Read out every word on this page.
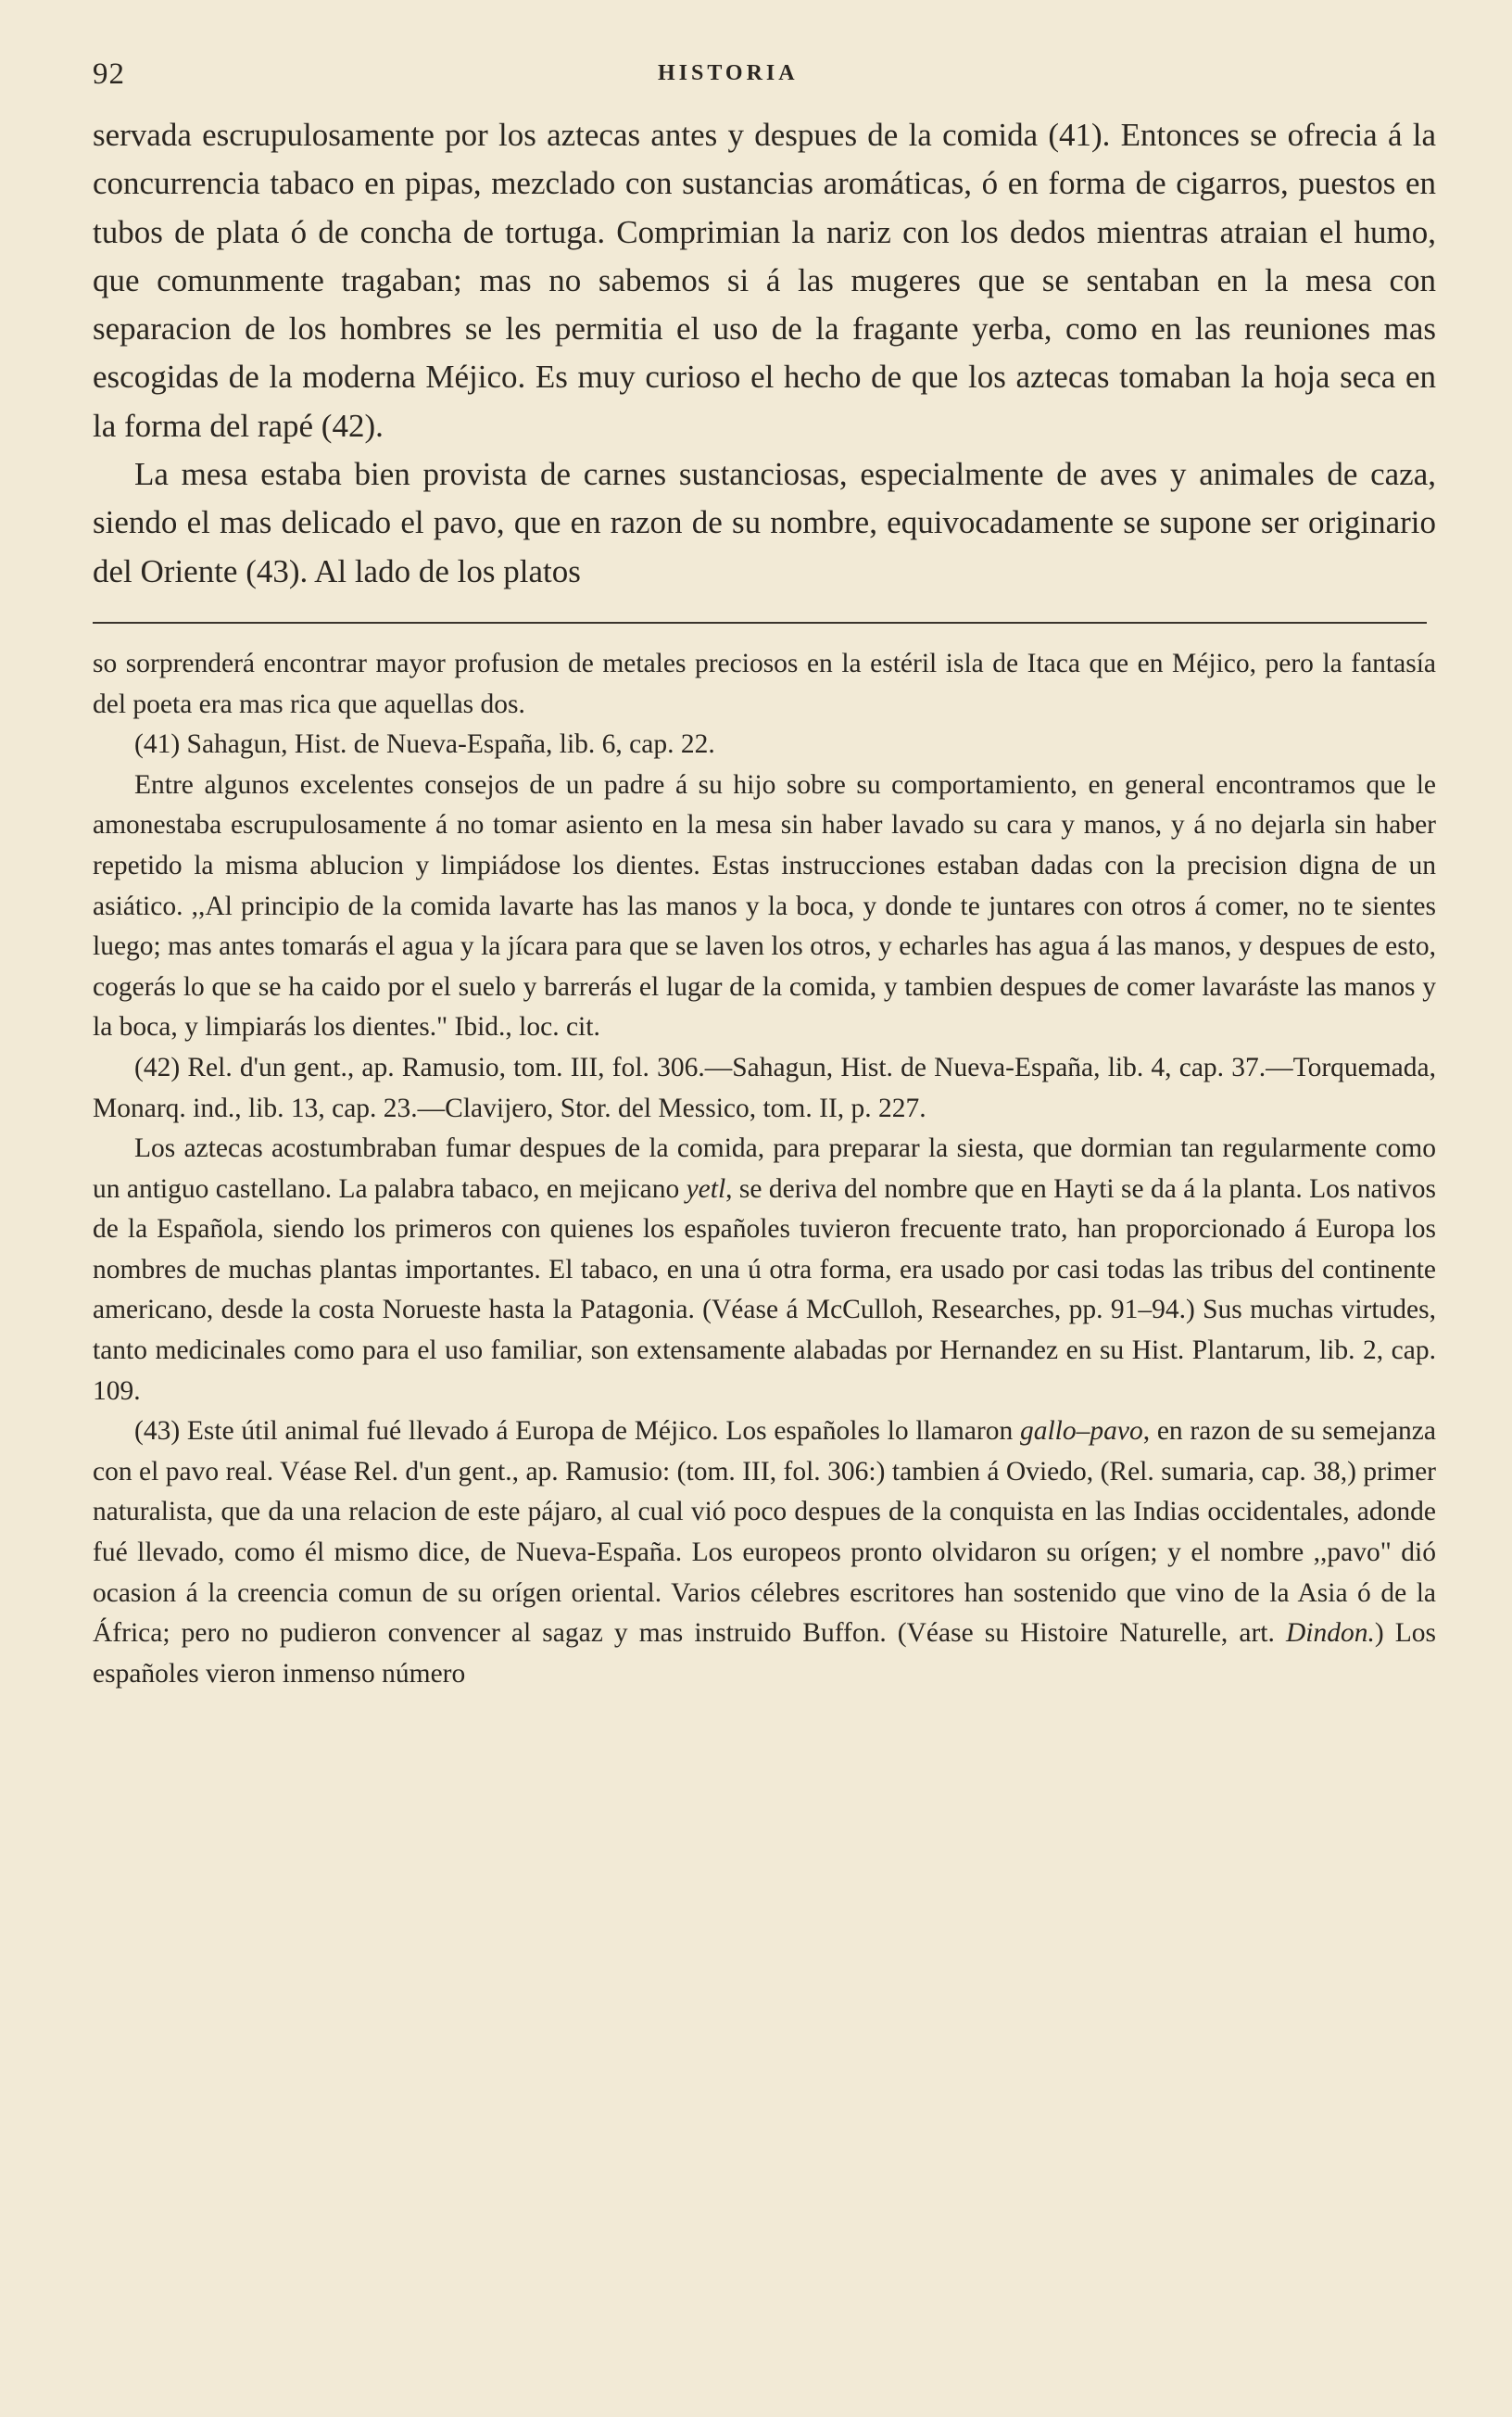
92	HISTORIA

servada escrupulosamente por los aztecas antes y despues de la comida (41). Entonces se ofrecia á la concurrencia tabaco en pipas, mezclado con sustancias aromáticas, ó en forma de cigarros, puestos en tubos de plata ó de concha de tortuga. Comprimian la nariz con los dedos mientras atraian el humo, que comunmente tragaban; mas no sabemos si á las mugeres que se sentaban en la mesa con separacion de los hombres se les permitia el uso de la fragante yerba, como en las reuniones mas escogidas de la moderna Méjico. Es muy curioso el hecho de que los aztecas tomaban la hoja seca en la forma del rapé (42).

La mesa estaba bien provista de carnes sustanciosas, especialmente de aves y animales de caza, siendo el mas delicado el pavo, que en razon de su nombre, equivocadamente se supone ser originario del Oriente (43). Al lado de los platos

so sorprenderá encontrar mayor profusion de metales preciosos en la estéril isla de Itaca que en Méjico, pero la fantasía del poeta era mas rica que aquellas dos.

(41) Sahagun, Hist. de Nueva-España, lib. 6, cap. 22.

Entre algunos excelentes consejos de un padre á su hijo sobre su comportamiento, en general encontramos que le amonestaba escrupulosamente á no tomar asiento en la mesa sin haber lavado su cara y manos, y á no dejarla sin haber repetido la misma ablucion y limpiádose los dientes. Estas instrucciones estaban dadas con la precision digna de un asiático. ,,Al principio de la comida lavarte has las manos y la boca, y donde te juntares con otros á comer, no te sientes luego; mas antes tomarás el agua y la jícara para que se laven los otros, y echarles has agua á las manos, y despues de esto, cogerás lo que se ha caido por el suelo y barrerás el lugar de la comida, y tambien despues de comer lavaráste las manos y la boca, y limpiarás los dientes." Ibid., loc. cit.

(42) Rel. d'un gent., ap. Ramusio, tom. III, fol. 306.—Sahagun, Hist. de Nueva-España, lib. 4, cap. 37.—Torquemada, Monarq. ind., lib. 13, cap. 23.—Clavijero, Stor. del Messico, tom. II, p. 227.

Los aztecas acostumbraban fumar despues de la comida, para preparar la siesta, que dormian tan regularmente como un antiguo castellano. La palabra tabaco, en mejicano yetl, se deriva del nombre que en Hayti se da á la planta. Los nativos de la Española, siendo los primeros con quienes los españoles tuvieron frecuente trato, han proporcionado á Europa los nombres de muchas plantas importantes. El tabaco, en una ú otra forma, era usado por casi todas las tribus del continente americano, desde la costa Norueste hasta la Patagonia. (Véase á McCulloh, Researches, pp. 91–94.) Sus muchas virtudes, tanto medicinales como para el uso familiar, son extensamente alabadas por Hernandez en su Hist. Plantarum, lib. 2, cap. 109.

(43) Este útil animal fué llevado á Europa de Méjico. Los españoles lo llamaron gallo–pavo, en razon de su semejanza con el pavo real. Véase Rel. d'un gent., ap. Ramusio: (tom. III, fol. 306:) tambien á Oviedo, (Rel. sumaria, cap. 38,) primer naturalista, que da una relacion de este pájaro, al cual vió poco despues de la conquista en las Indias occidentales, adonde fué llevado, como él mismo dice, de Nueva-España. Los europeos pronto olvidaron su orígen; y el nombre ,,pavo" dió ocasion á la creencia comun de su orígen oriental. Varios célebres escritores han sostenido que vino de la Asia ó de la África; pero no pudieron convencer al sagaz y mas instruido Buffon. (Véase su Histoire Naturelle, art. Dindon.) Los españoles vieron inmenso número
